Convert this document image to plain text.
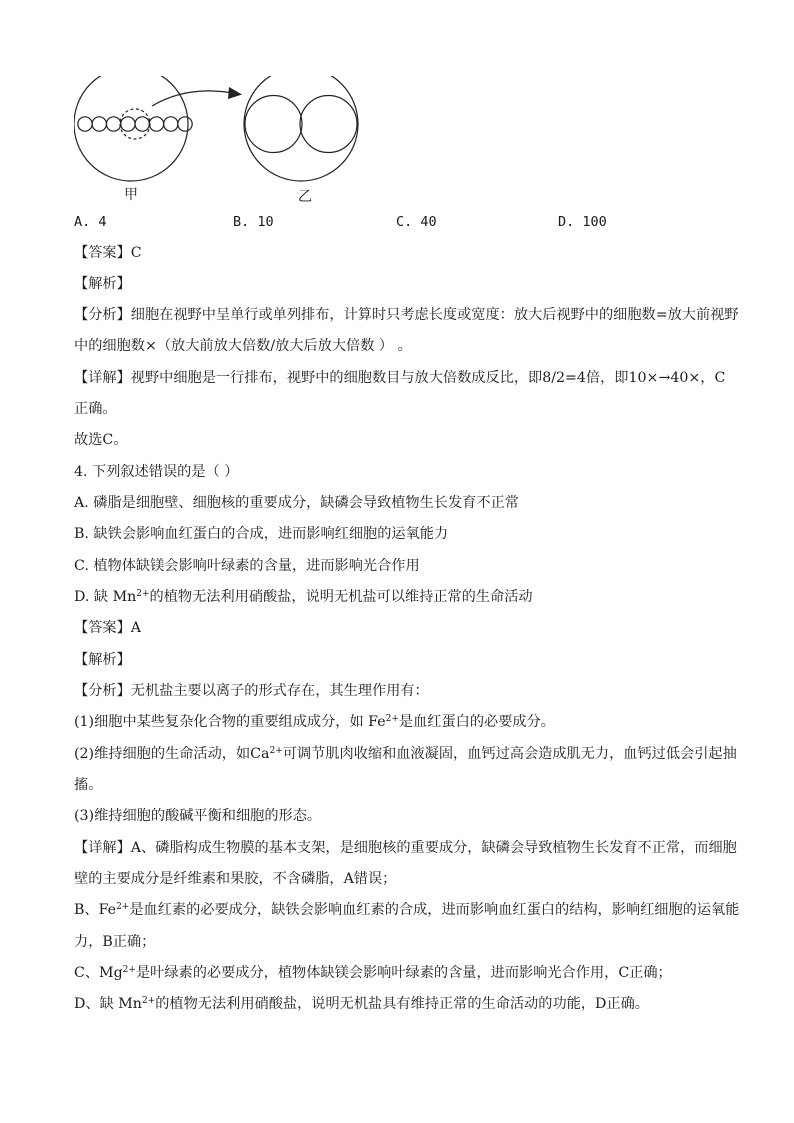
甲	乙
A. 4	B. 10	C. 40	D. 100
【答案】C
【解析】
【分析】细胞在视野中呈单行或单列排布，计算时只考虑长度或宽度：放大后视野中的细胞数=放大前视野
中的细胞数×（放大前放大倍数/放大后放大倍数 ） 。
【详解】视野中细胞是一行排布，视野中的细胞数目与放大倍数成反比，即8/2=4倍，即10×→40×，C
正确。
故选C。
4. 下列叙述错误的是（ ）
A. 磷脂是细胞壁、细胞核的重要成分，缺磷会导致植物生长发育不正常
B. 缺铁会影响血红蛋白的合成，进而影响红细胞的运氧能力
C. 植物体缺镁会影响叶绿素的含量，进而影响光合作用
D. 缺 $Mn^{2+}$的植物无法利用硝酸盐，说明无机盐可以维持正常的生命活动
【答案】A
【解析】
【分析】无机盐主要以离子的形式存在，其生理作用有：
(1)细胞中某些复杂化合物的重要组成成分，如 $Fe^{2+}$是血红蛋白的必要成分。
(2)维持细胞的生命活动，如$Ca^{2+}$可调节肌肉收缩和血液凝固，血钙过高会造成肌无力，血钙过低会引起抽
搐。
(3)维持细胞的酸碱平衡和细胞的形态。
【详解】A、磷脂构成生物膜的基本支架，是细胞核的重要成分，缺磷会导致植物生长发育不正常，而细胞
壁的主要成分是纤维素和果胶，不含磷脂，A错误；
B、$Fe^{2+}$是血红素的必要成分，缺铁会影响血红素的合成，进而影响血红蛋白的结构，影响红细胞的运氧能
力，B正确；
C、$Mg^{2+}$是叶绿素的必要成分，植物体缺镁会影响叶绿素的含量，进而影响光合作用，C正确；
D、缺 $Mn^{2+}$的植物无法利用硝酸盐，说明无机盐具有维持正常的生命活动的功能，D正确。
